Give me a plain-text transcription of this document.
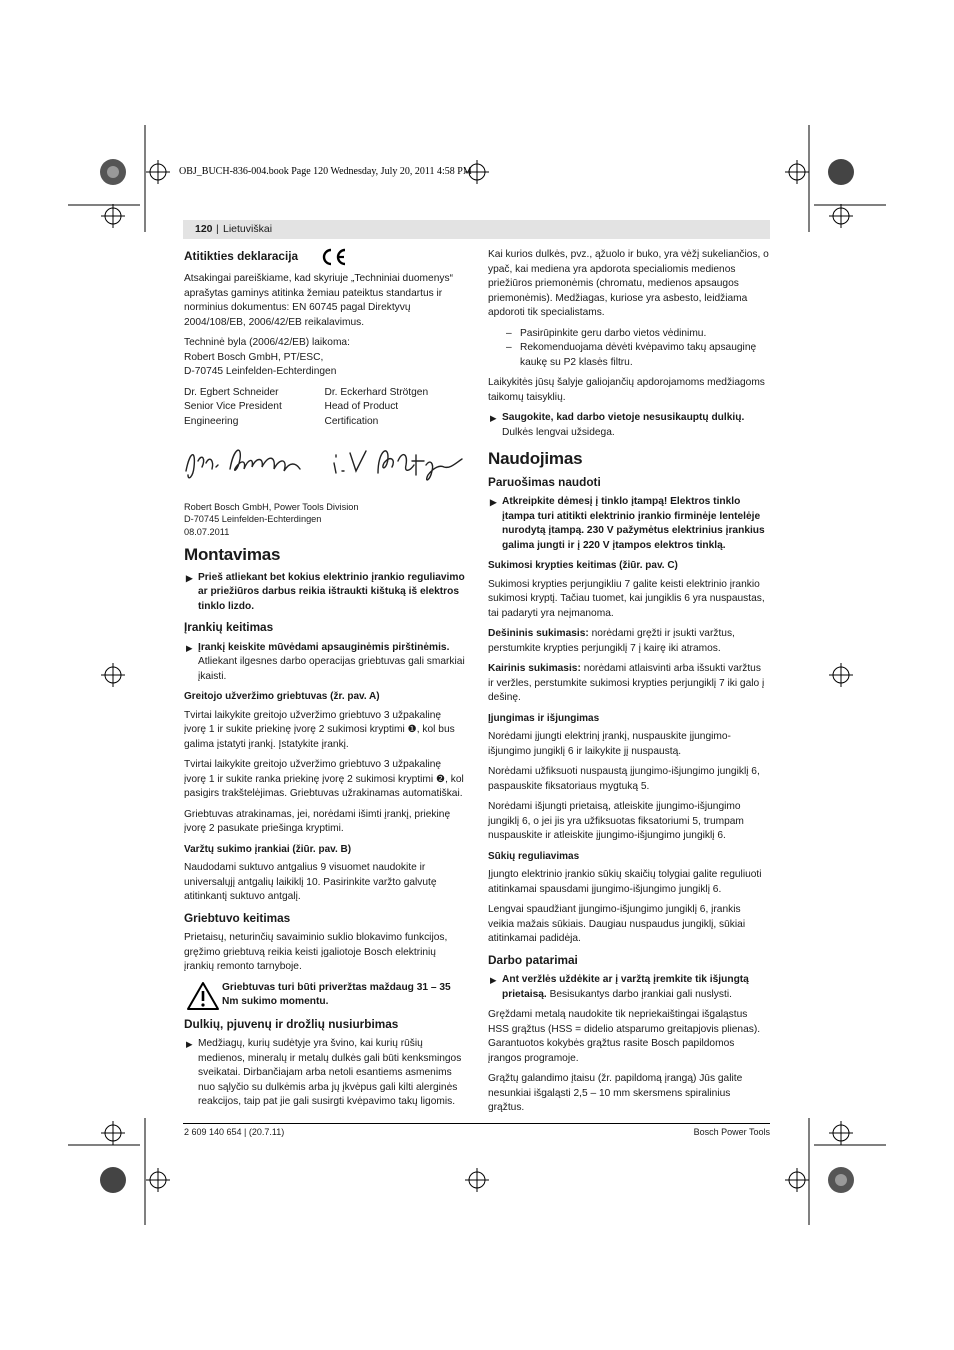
OBJ_BUCH-836-004.book Page 120 Wednesday, July 20, 2011 4:58 PM
120 | Lietuviškai
Atitikties deklaracija

Atsakingai pareiškiame, kad skyriuje „Techniniai duomenys“ aprašytas gaminys atitinka žemiau pateiktus standartus ir norminius dokumentus: EN 60745 pagal Direktyvų 2004/108/EB, 2006/42/EB reikalavimus.

Techninė byla (2006/42/EB) laikoma:
Robert Bosch GmbH, PT/ESC,
D-70745 Leinfelden-Echterdingen

Dr. Egbert Schneider
Senior Vice President
Engineering
Dr. Eckerhard Strötgen
Head of Product
Certification

Robert Bosch GmbH, Power Tools Division
D-70745 Leinfelden-Echterdingen
08.07.2011

Montavimas
▶ Prieš atliekant bet kokius elektrinio įrankio reguliavimo ar priežiūros darbus reikia ištraukti kištuką iš elektros tinklo lizdo.
Įrankių keitimas
▶ Įrankį keiskite mūvėdami apsauginėmis pirštinėmis.
Atliekant ilgesnes darbo operacijas griebtuvas gali smarkiai įkaisti.
Greitojo užveržimo griebtuvas (žr. pav. A)

Tvirtai laikykite greitojo užveržimo griebtuvo 3 užpakalinę įvorę 1 ir sukite priekinę įvorę 2 sukimosi kryptimi ❶, kol bus galima įstatyti įrankį. Įstatykite įrankį.

Tvirtai laikykite greitojo užveržimo griebtuvo 3 užpakalinę įvorę 1 ir sukite ranka priekinę įvorę 2 sukimosi kryptimi ❷, kol pasigirs trakštelėjimas. Griebtuvas užrakinamas automatiškai.

Griebtuvas atrakinamas, jei, norėdami išimti įrankį, priekinę įvorę 2 pasukate priešinga kryptimi.

Varžtų sukimo įrankiai (žiūr. pav. B)

Naudodami suktuvo antgalius 9 visuomet naudokite ir universalųjį antgalių laikiklį 10. Pasirinkite varžto galvutę atitinkantį suktuvo antgalį.

Griebtuvo keitimas

Prietaisų, neturinčių savaiminio suklio blokavimo funkcijos, gręžimo griebtuvą reikia keisti įgaliotoje Bosch elektrinių įrankių remonto tarnyboje.

Griebtuvas turi būti priveržtas maždaug 31 – 35 Nm sukimo momentu.
Dulkių, pjuvenų ir drožlių nusiurbimas
▶ Medžiagų, kurių sudėtyje yra švino, kai kurių rūšių medienos, mineralų ir metalų dulkės gali būti kenksmingos sveikatai. Dirbančiajam arba netoli esantiems asmenims nuo sąlyčio su dulkėmis arba jų įkvėpus gali kilti alerginės reakcijos, taip pat jie gali susirgti kvėpavimo takų ligomis.

Kai kurios dulkės, pvz., ąžuolo ir buko, yra vėžį sukeliančios, o ypač, kai mediena yra apdorota specialiomis medienos priežiūros priemonėmis (chromatu, medienos apsaugos priemonėmis). Medžiagas, kuriose yra asbesto, leidžiama apdoroti tik specialistams.

– Pasirūpinkite geru darbo vietos vėdinimu.
– Rekomenduojama dėvėti kvėpavimo takų apsauginę kaukę su P2 klasės filtru.

Laikykitės jūsų šalyje galiojančių apdorojamoms medžiagoms taikomų taisyklių.

▶ Saugokite, kad darbo vietoje nesusikauptų dulkių.
Dulkės lengvai užsidega.
Naudojimas
Paruošimas naudoti
▶ Atkreipkite dėmesį į tinklo įtampą! Elektros tinklo įtampa turi atitikti elektrinio įrankio firminėje lentelėje nurodytą įtampą. 230 V pažymėtus elektrinius įrankius galima jungti ir į 220 V įtampos elektros tinklą.
Sukimosi krypties keitimas (žiūr. pav. C)

Sukimosi krypties perjungikliu 7 galite keisti elektrinio įrankio sukimosi kryptį. Tačiau tuomet, kai jungiklis 6 yra nuspaustas, tai padaryti yra neįmanoma.

Dešininis sukimasis: norėdami gręžti ir įsukti varžtus, perstumkite krypties perjungiklį 7 į kairę iki atramos.

Kairinis sukimasis: norėdami atlaisvinti arba išsukti varžtus ir veržles, perstumkite sukimosi krypties perjungiklį 7 iki galo į dešinę.

Įjungimas ir išjungimas

Norėdami įjungti elektrinį įrankį, nuspauskite įjungimo-išjungimo jungiklį 6 ir laikykite jį nuspaustą.

Norėdami užfiksuoti nuspaustą įjungimo-išjungimo jungiklį 6, paspauskite fiksatoriaus mygtuką 5.

Norėdami išjungti prietaisą, atleiskite įjungimo-išjungimo jungiklį 6, o jei jis yra užfiksuotas fiksatoriumi 5, trumpam nuspauskite ir atleiskite įjungimo-išjungimo jungiklį 6.

Sūkių reguliavimas

Įjungto elektrinio įrankio sūkių skaičių tolygiai galite reguliuoti atitinkamai spausdami įjungimo-išjungimo jungiklį 6.

Lengvai spaudžiant įjungimo-išjungimo jungiklį 6, įrankis veikia mažais sūkiais. Daugiau nuspaudus jungiklį, sūkiai atitinkamai padidėja.

Darbo patarimai
▶ Ant veržlės uždėkite ar į varžtą įremkite tik išjungtą prietaisą. Besisukantys darbo įrankiai gali nuslysti.

Gręždami metalą naudokite tik nepriekaištingai išgaląstus HSS grąžtus (HSS = didelio atsparumo greitapjovis plienas). Garantuotos kokybės grąžtus rasite Bosch papildomos įrangos programoje.

Grąžtų galandimo įtaisu (žr. papildomą įrangą) Jūs galite nesunkiai išgaląsti 2,5 – 10 mm skersmens spiralinius grąžtus.

2 609 140 654 | (20.7.11)	Bosch Power Tools
